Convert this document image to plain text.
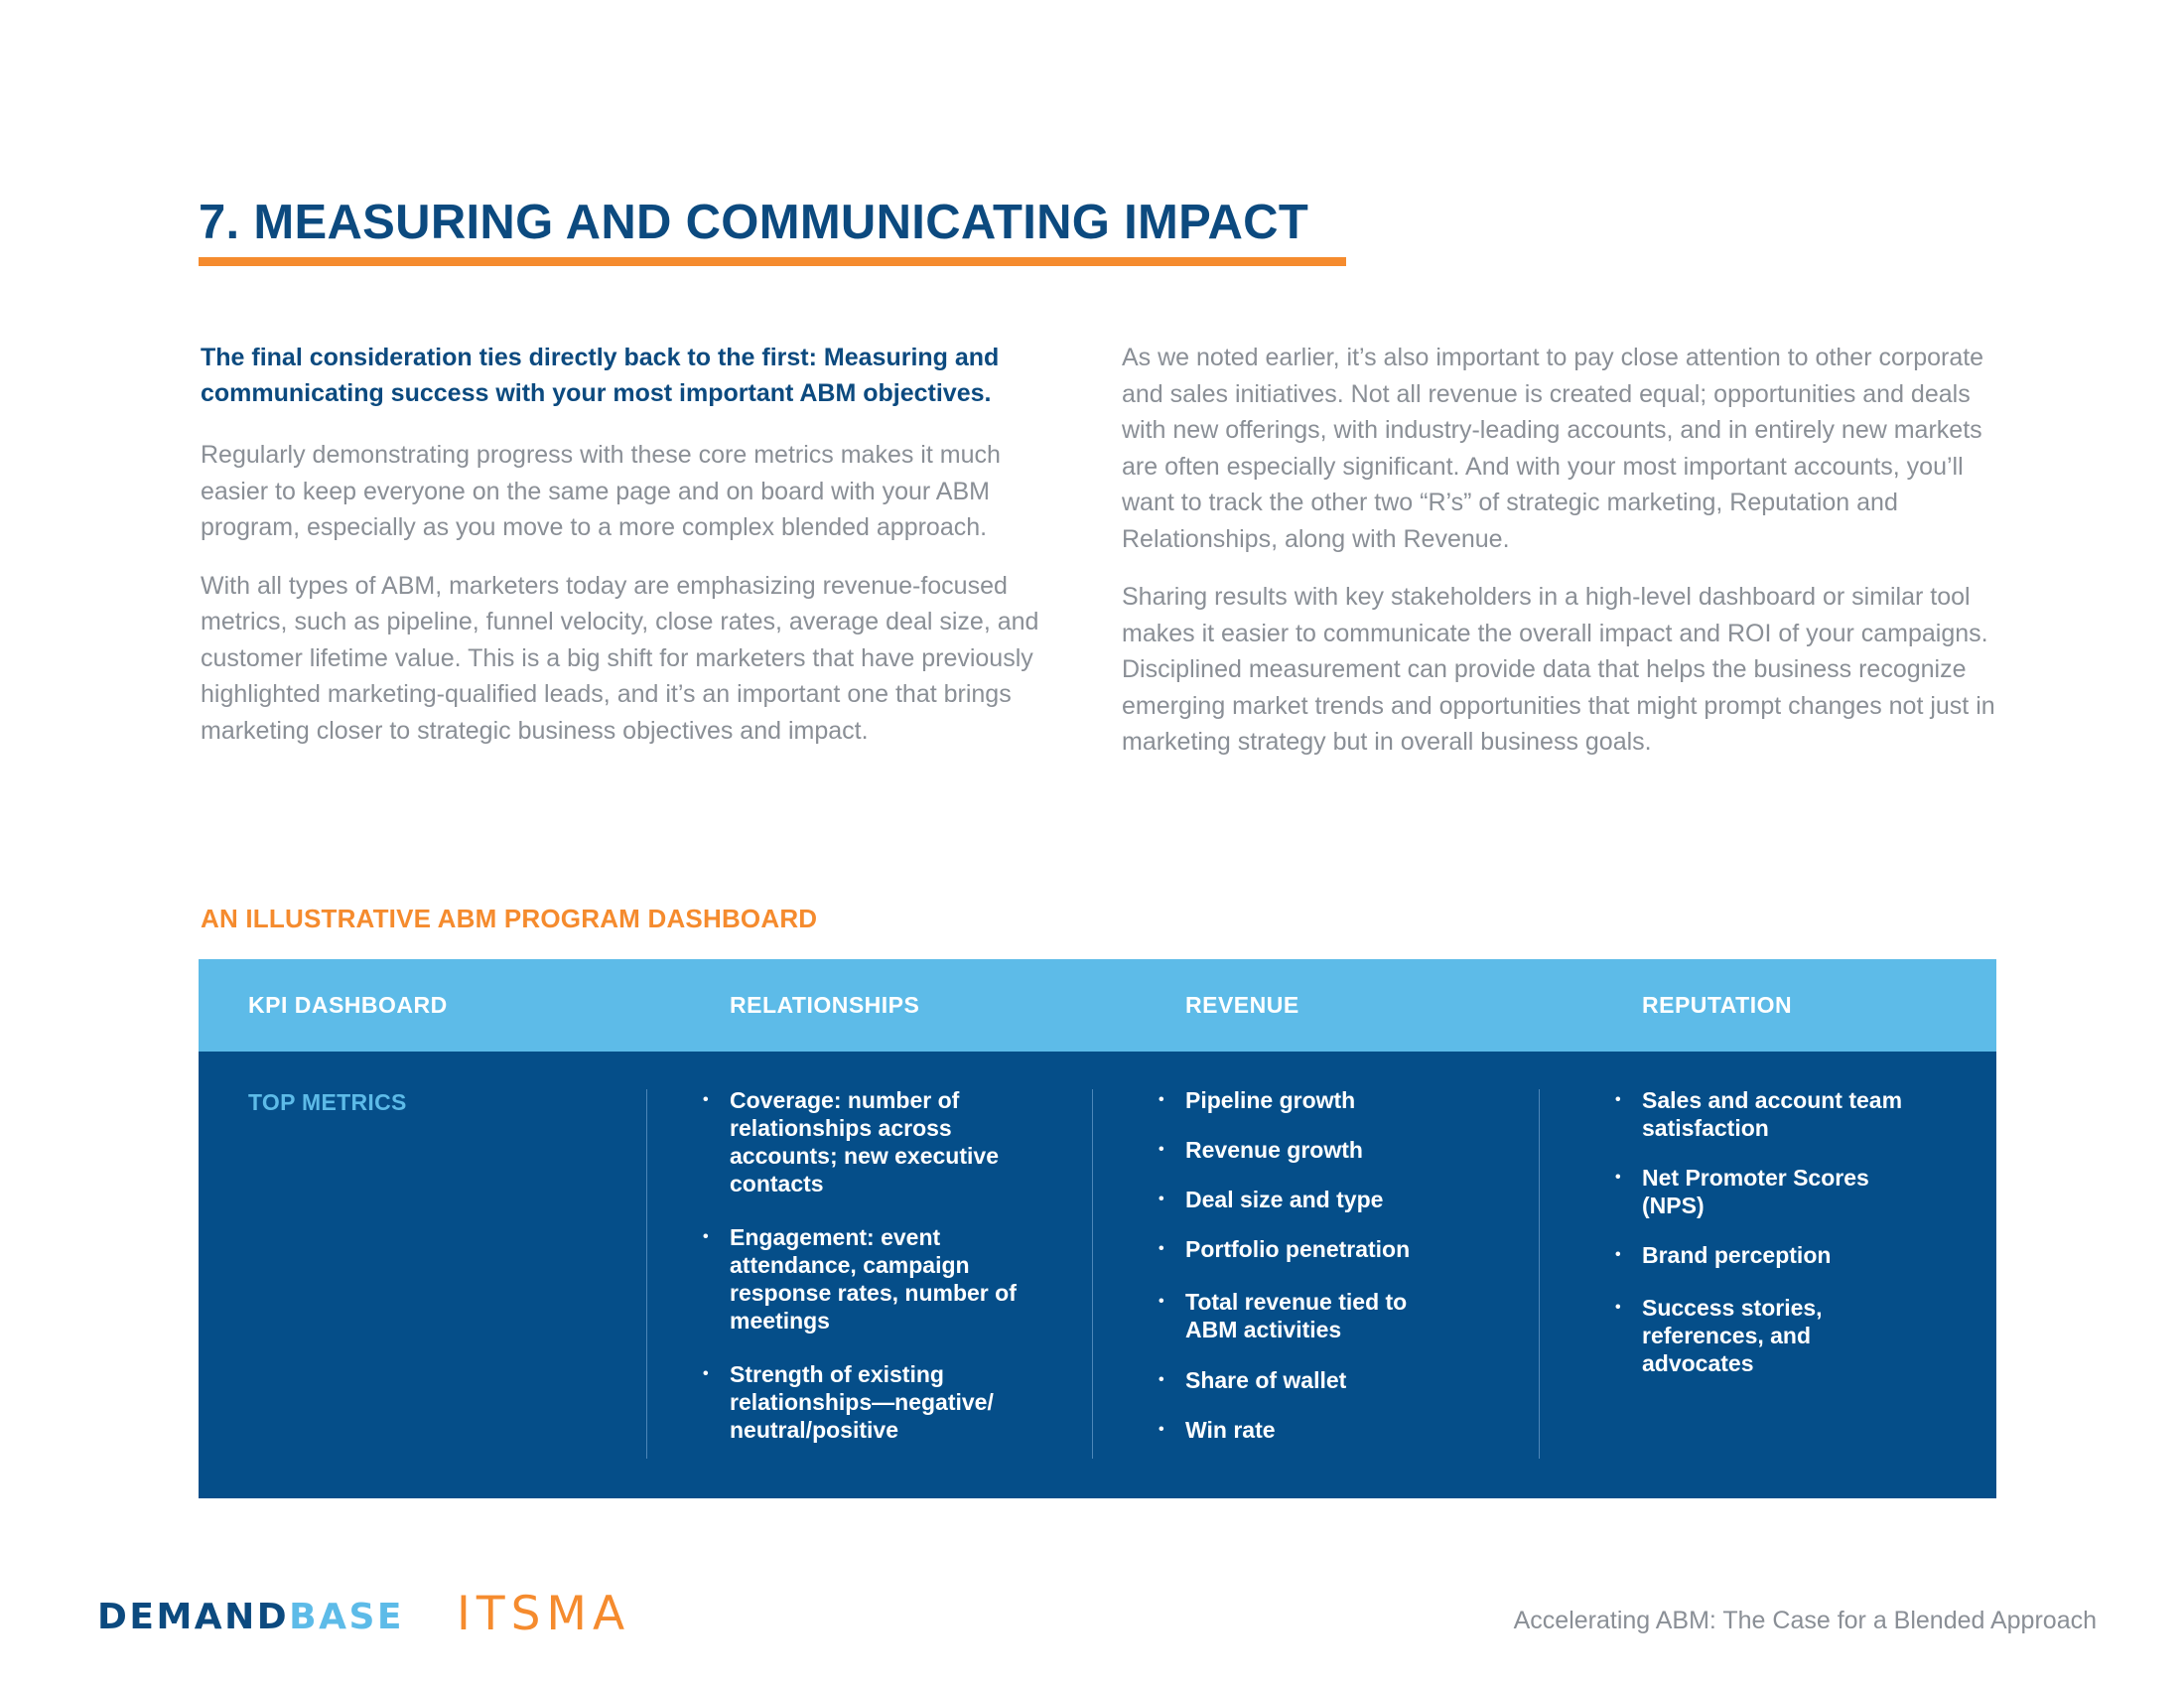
7. MEASURING AND COMMUNICATING IMPACT

The final consideration ties directly back to the first: Measuring and communicating success with your most important ABM objectives.

Regularly demonstrating progress with these core metrics makes it much easier to keep everyone on the same page and on board with your ABM program, especially as you move to a more complex blended approach.

With all types of ABM, marketers today are emphasizing revenue-focused metrics, such as pipeline, funnel velocity, close rates, average deal size, and customer lifetime value. This is a big shift for marketers that have previously highlighted marketing-qualified leads, and it’s an important one that brings marketing closer to strategic business objectives and impact.

As we noted earlier, it’s also important to pay close attention to other corporate and sales initiatives. Not all revenue is created equal; opportunities and deals with new offerings, with industry-leading accounts, and in entirely new markets are often especially significant. And with your most important accounts, you’ll want to track the other two “R’s” of strategic marketing, Reputation and Relationships, along with Revenue.

Sharing results with key stakeholders in a high-level dashboard or similar tool makes it easier to communicate the overall impact and ROI of your campaigns. Disciplined measurement can provide data that helps the business recognize emerging market trends and opportunities that might prompt changes not just in marketing strategy but in overall business goals.

AN ILLUSTRATIVE ABM PROGRAM DASHBOARD
KPI DASHBOARD	RELATIONSHIPS	REVENUE	REPUTATION
TOP METRICS
•	Coverage: number of relationships across accounts; new executive contacts
• Engagement: event attendance, campaign response rates, number of meetings
• Strength of existing relationships—negative/ neutral/positive
• Pipeline growth
• Revenue growth
• Deal size and type
• Portfolio penetration
• Total revenue tied to ABM activities
• Share of wallet
• Win rate
• Sales and account team satisfaction
• Net Promoter Scores (NPS)
• Brand perception
• Success stories, references, and advocates
DEMANDBASE ITSMA	Accelerating ABM: The Case for a Blended Approach
